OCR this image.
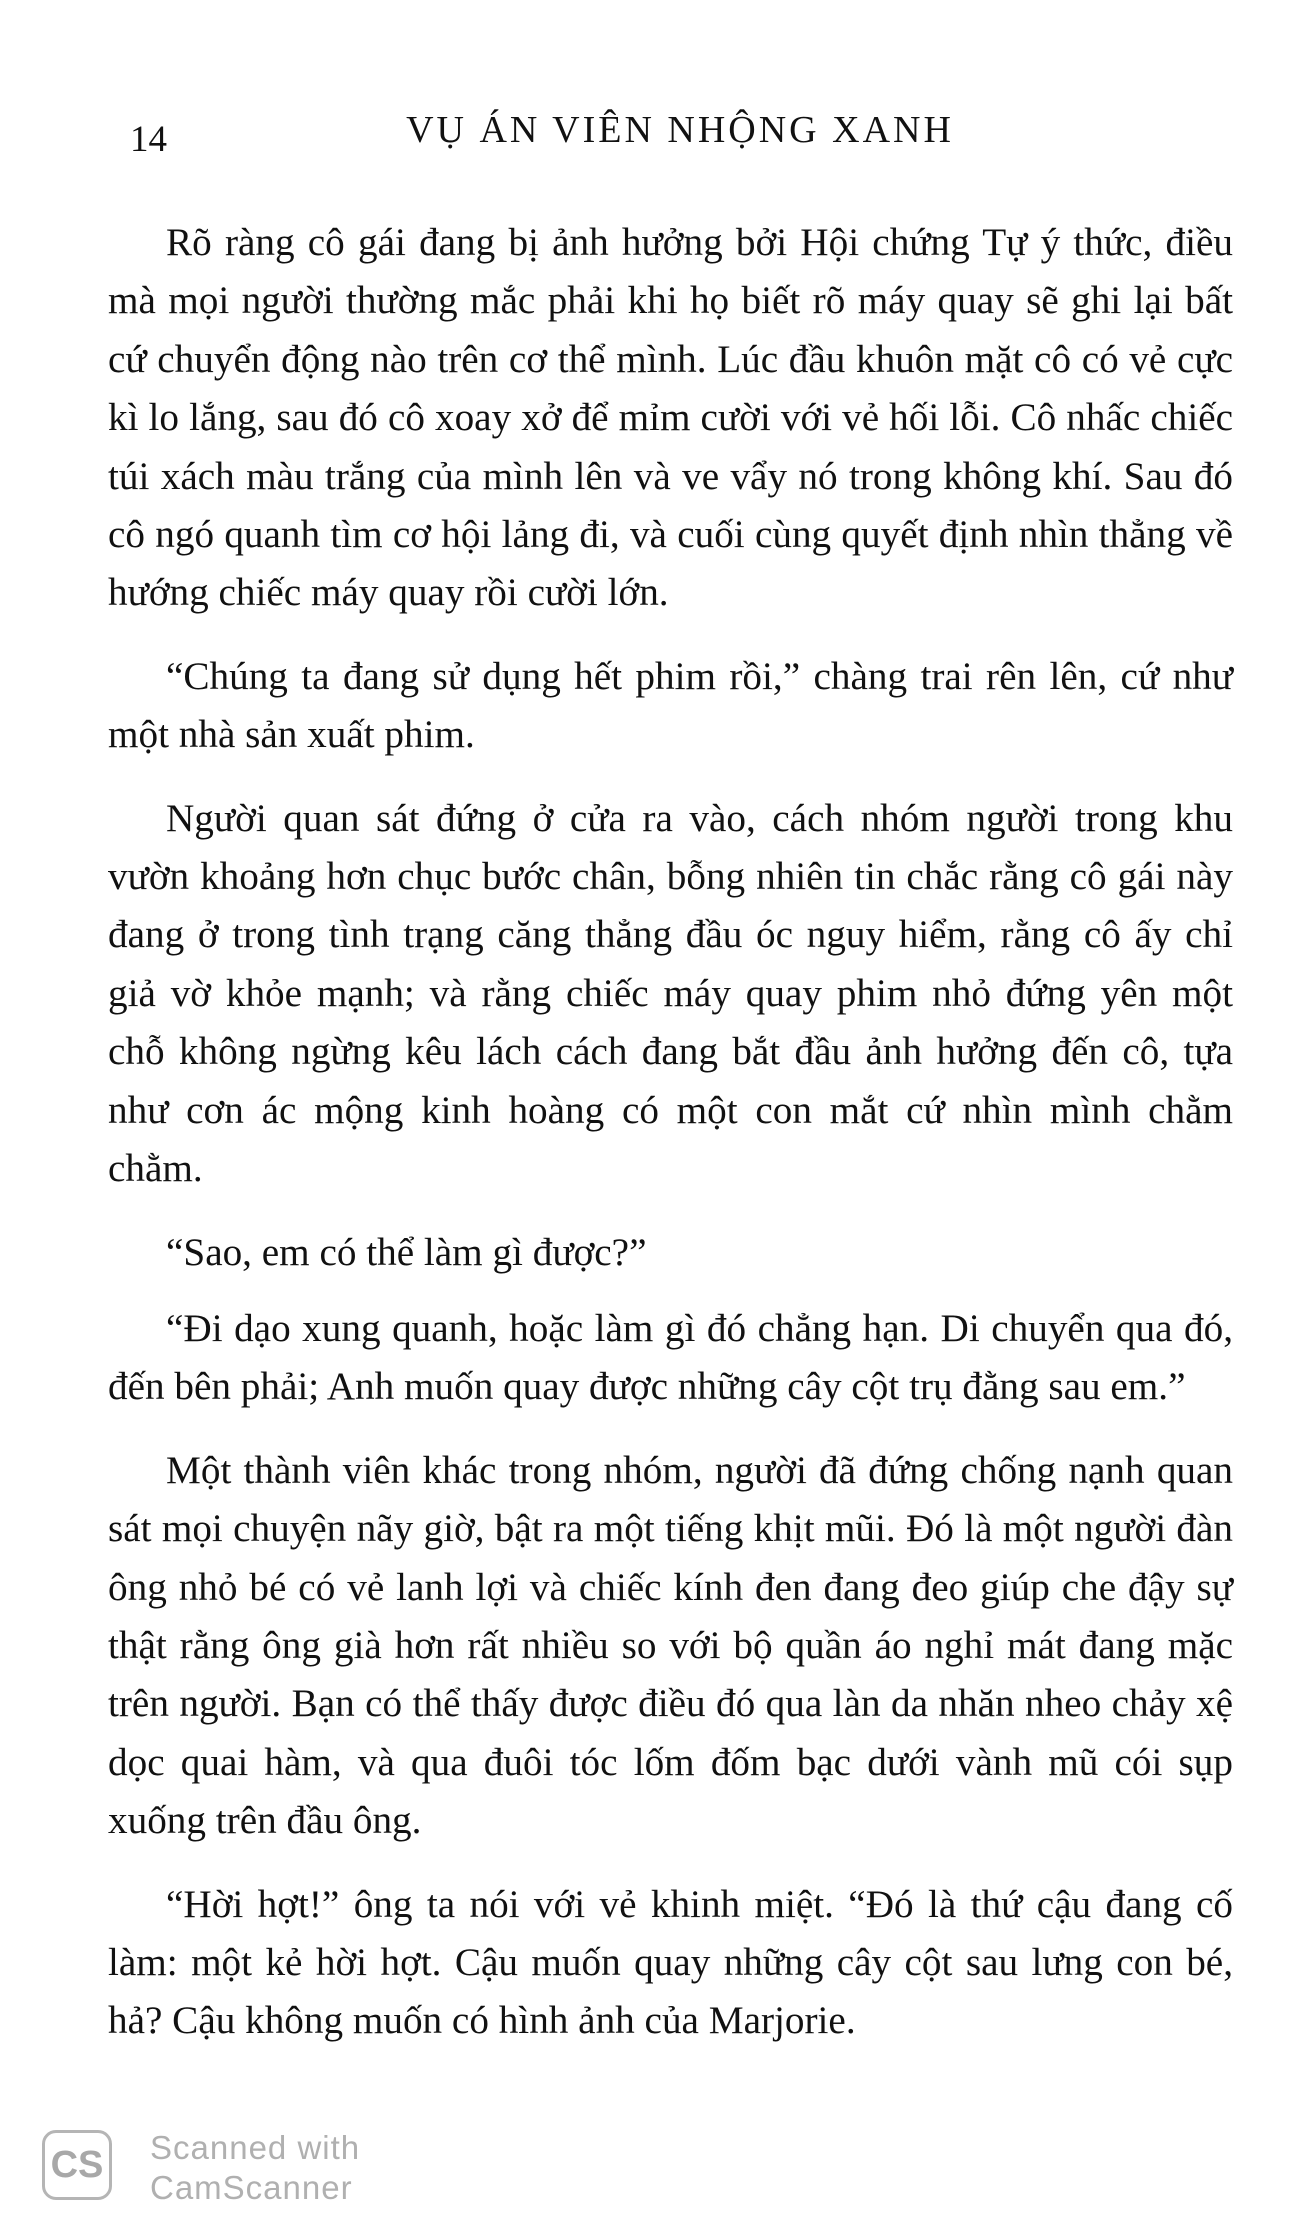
14	VỤ ÁN VIÊN NHỘNG XANH

Rõ ràng cô gái đang bị ảnh hưởng bởi Hội chứng Tự ý thức, điều mà mọi người thường mắc phải khi họ biết rõ máy quay sẽ ghi lại bất cứ chuyển động nào trên cơ thể mình. Lúc đầu khuôn mặt cô có vẻ cực kì lo lắng, sau đó cô xoay xở để mỉm cười với vẻ hối lỗi. Cô nhấc chiếc túi xách màu trắng của mình lên và ve vẩy nó trong không khí. Sau đó cô ngó quanh tìm cơ hội lảng đi, và cuối cùng quyết định nhìn thẳng về hướng chiếc máy quay rồi cười lớn.

“Chúng ta đang sử dụng hết phim rồi,” chàng trai rên lên, cứ như một nhà sản xuất phim.

Người quan sát đứng ở cửa ra vào, cách nhóm người trong khu vườn khoảng hơn chục bước chân, bỗng nhiên tin chắc rằng cô gái này đang ở trong tình trạng căng thẳng đầu óc nguy hiểm, rằng cô ấy chỉ giả vờ khỏe mạnh; và rằng chiếc máy quay phim nhỏ đứng yên một chỗ không ngừng kêu lách cách đang bắt đầu ảnh hưởng đến cô, tựa như cơn ác mộng kinh hoàng có một con mắt cứ nhìn mình chằm chằm.

“Sao, em có thể làm gì được?”

“Đi dạo xung quanh, hoặc làm gì đó chẳng hạn. Di chuyển qua đó, đến bên phải; Anh muốn quay được những cây cột trụ đằng sau em.”

Một thành viên khác trong nhóm, người đã đứng chống nạnh quan sát mọi chuyện nãy giờ, bật ra một tiếng khịt mũi. Đó là một người đàn ông nhỏ bé có vẻ lanh lợi và chiếc kính đen đang đeo giúp che đậy sự thật rằng ông già hơn rất nhiều so với bộ quần áo nghỉ mát đang mặc trên người. Bạn có thể thấy được điều đó qua làn da nhăn nheo chảy xệ dọc quai hàm, và qua đuôi tóc lốm đốm bạc dưới vành mũ cói sụp xuống trên đầu ông.

“Hời hợt!” ông ta nói với vẻ khinh miệt. “Đó là thứ cậu đang cố làm: một kẻ hời hợt. Cậu muốn quay những cây cột sau lưng con bé, hả? Cậu không muốn có hình ảnh của Marjorie.

CS Scanned with
CamScanner
